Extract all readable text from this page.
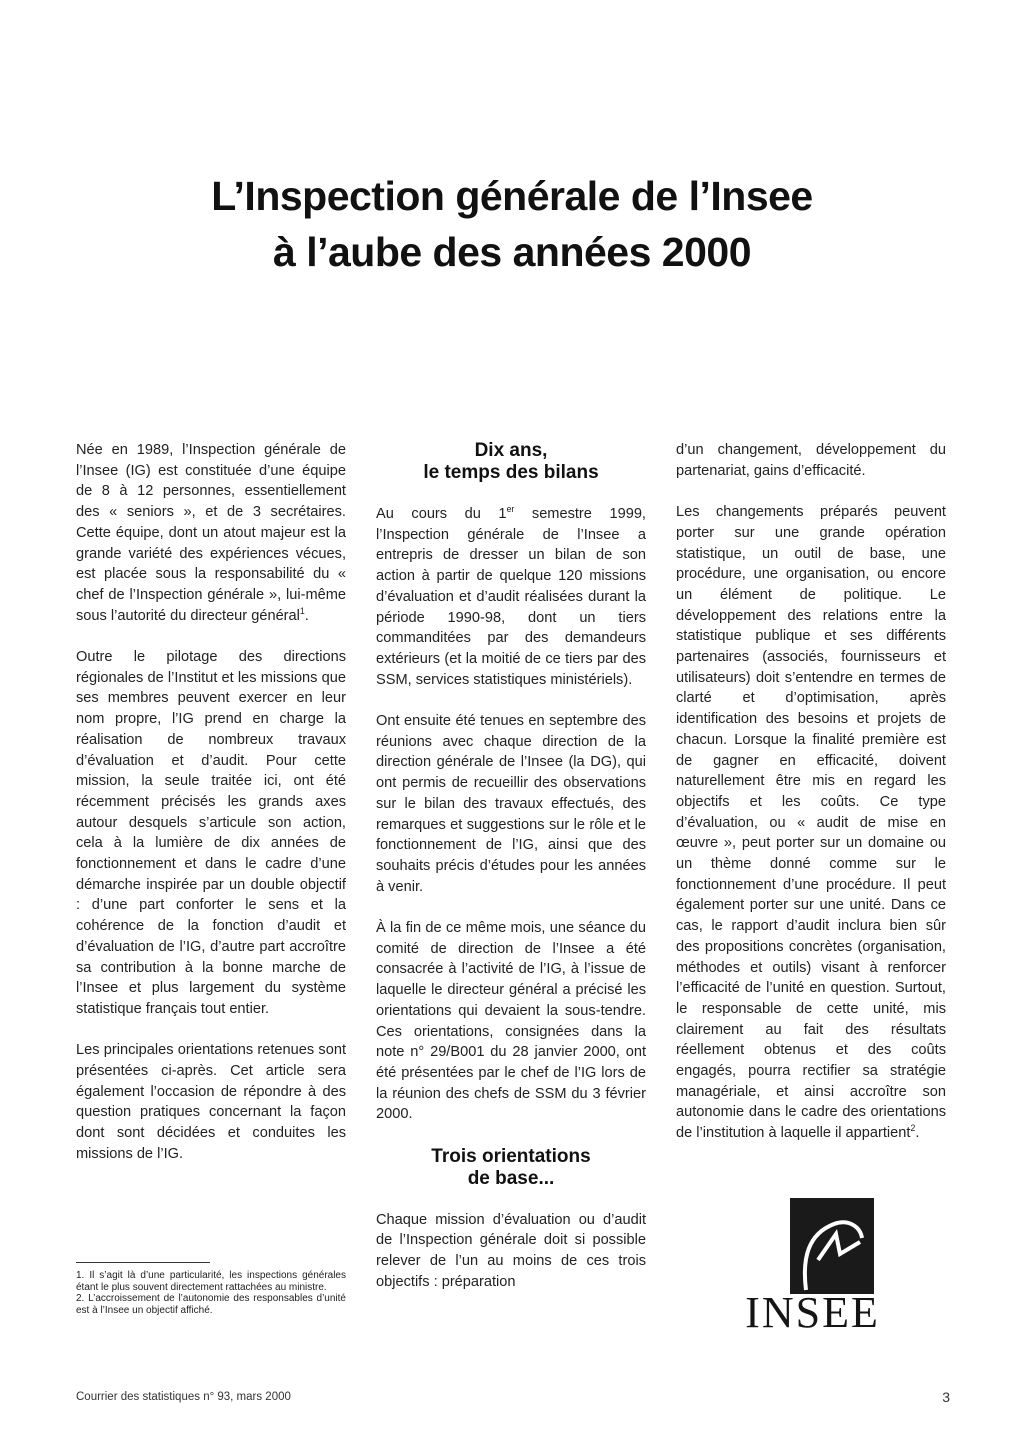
L’Inspection générale de l’Insee
à l’aube des années 2000

Née en 1989, l’Inspection générale de l’Insee (IG) est constituée d’une équipe de 8 à 12 personnes, essentiellement des « seniors », et de 3 secrétaires. Cette équipe, dont un atout majeur est la grande variété des expériences vécues, est placée sous la responsabilité du « chef de l’Inspection générale », lui-même sous l’autorité du directeur général$^1$.

Outre le pilotage des directions régionales de l’Institut et les missions que ses membres peuvent exercer en leur nom propre, l’IG prend en charge la réalisation de nombreux travaux d’évaluation et d’audit. Pour cette mission, la seule traitée ici, ont été récemment précisés les grands axes autour desquels s’articule son action, cela à la lumière de dix années de fonctionnement et dans le cadre d’une démarche inspirée par un double objectif : d’une part conforter le sens et la cohérence de la fonction d’audit et d’évaluation de l’IG, d’autre part accroître sa contribution à la bonne marche de l’Insee et plus largement du système statistique français tout entier.

Les principales orientations retenues sont présentées ci-après. Cet article sera également l’occasion de répondre à des question pratiques concernant la façon dont sont décidées et conduites les missions de l’IG.

Dix ans,
le temps des bilans

Au cours du 1er semestre 1999, l’Inspection générale de l’Insee a entrepris de dresser un bilan de son action à partir de quelque 120 missions d’évaluation et d’audit réalisées durant la période 1990-98, dont un tiers commanditées par des demandeurs extérieurs (et la moitié de ce tiers par des SSM, services statistiques ministériels).

Ont ensuite été tenues en septembre des réunions avec chaque direction de la direction générale de l’Insee (la DG), qui ont permis de recueillir des observations sur le bilan des travaux effectués, des remarques et suggestions sur le rôle et le fonctionnement de l’IG, ainsi que des souhaits précis d’études pour les années à venir.

À la fin de ce même mois, une séance du comité de direction de l’Insee a été consacrée à l’activité de l’IG, à l’issue de laquelle le directeur général a précisé les orientations qui devaient la sous-tendre. Ces orientations, consignées dans la note n° 29/B001 du 28 janvier 2000, ont été présentées par le chef de l’IG lors de la réunion des chefs de SSM du 3 février 2000.

Trois orientations
de base...

Chaque mission d’évaluation ou d’audit de l’Inspection générale doit si possible relever de l’un au moins de ces trois objectifs : préparation

d’un changement, développement du partenariat, gains d’efficacité.

Les changements préparés peuvent porter sur une grande opération statistique, un outil de base, une procédure, une organisation, ou encore un élément de politique. Le développement des relations entre la statistique publique et ses différents partenaires (associés, fournisseurs et utilisateurs) doit s’entendre en termes de clarté et d’optimisation, après identification des besoins et projets de chacun. Lorsque la finalité première est de gagner en efficacité, doivent naturellement être mis en regard les objectifs et les coûts. Ce type d’évaluation, ou « audit de mise en œuvre », peut porter sur un domaine ou un thème donné comme sur le fonctionnement d’une procédure. Il peut également porter sur une unité. Dans ce cas, le rapport d’audit inclura bien sûr des propositions concrètes (organisation, méthodes et outils) visant à renforcer l’efficacité de l’unité en question. Surtout, le responsable de cette unité, mis clairement au fait des résultats réellement obtenus et des coûts engagés, pourra rectifier sa stratégie managériale, et ainsi accroître son autonomie dans le cadre des orientations de l’institution à laquelle il appartient$^2$.

1. Il s’agit là d’une particularité, les inspections générales étant le plus souvent directement rattachées au ministre.

2. L’accroissement de l’autonomie des responsables d’unité est à l’Insee un objectif affiché.	INSEE
Courrier des statistiques n° 93, mars 2000	3
